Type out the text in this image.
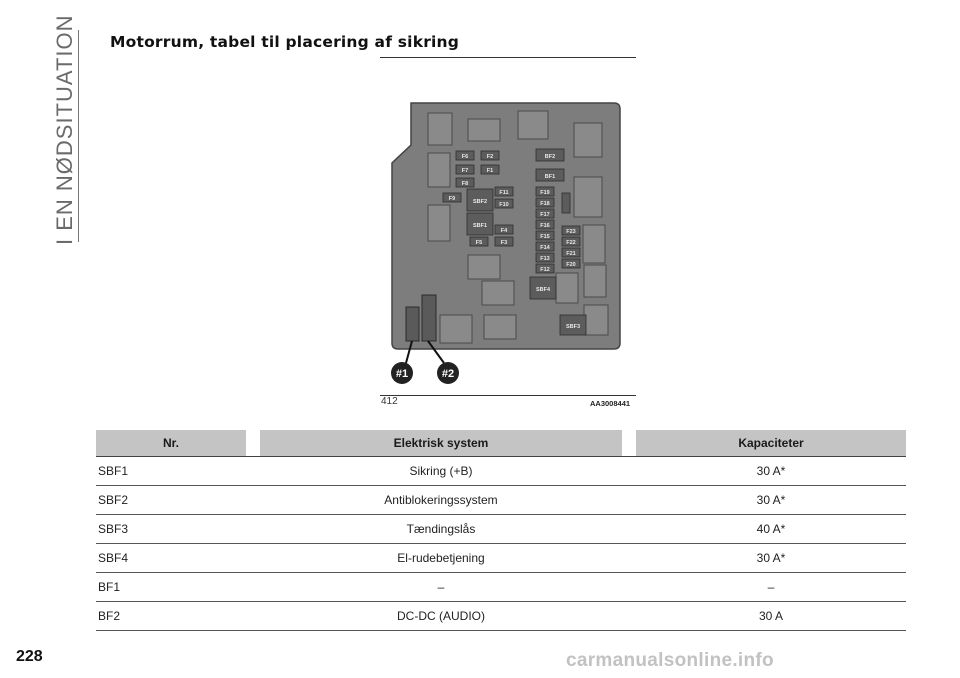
I EN NØDSITUATION Motorrum, tabel til placering af sikring
F6	F2
F7	F1
F8
BF2
BF1
F9	SBF2
F11
F10
SBF1
F4
F5	F3
F19
F18
F17
F16
F15
F14
F13
F12
F23
F22
F21
F20
SBF4
SBF3
#1	#2
412	AA3008441
Nr.		Elektrisk system		Kapaciteter
SBF1		Sikring (+B)		30 A*
SBF2		Antiblokeringssystem		30 A*
SBF3		Tændingslås		40 A*
SBF4		El-rudebetjening		30 A*
BF1		–		–
BF2		DC-DC (AUDIO)		30 A
228	carmanualsonline.info
